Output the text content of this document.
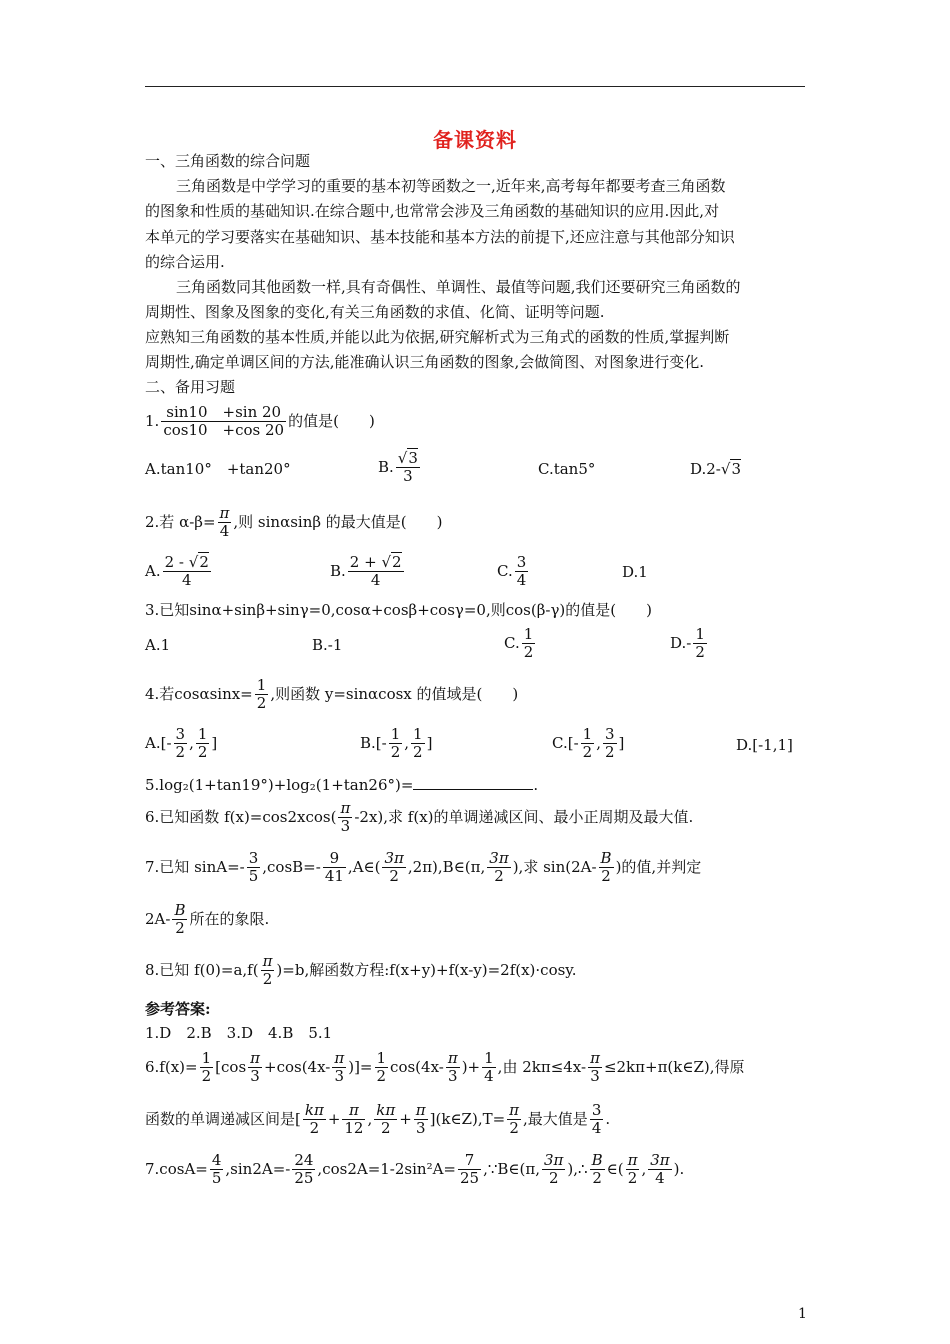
备课资料
一、三角函数的综合问题
三角函数是中学学习的重要的基本初等函数之一,近年来,高考每年都要考查三角函数
的图象和性质的基础知识.在综合题中,也常常会涉及三角函数的基础知识的应用.因此,对
本单元的学习要落实在基础知识、基本技能和基本方法的前提下,还应注意与其他部分知识
的综合运用.
三角函数同其他函数一样,具有奇偶性、单调性、最值等问题,我们还要研究三角函数的
周期性、图象及图象的变化,有关三角函数的求值、化简、证明等问题.
应熟知三角函数的基本性质,并能以此为依据,研究解析式为三角式的函数的性质,掌握判断
周期性,确定单调区间的方法,能准确认识三角函数的图象,会做简图、对图象进行变化.
二、备用习题
1. $\frac{\sin 10 +\sin 20}{\cos 10 +\cos 20}$ 的值是(　　)
A.tan10°　+tan20°	B. $\frac{√3}{3}$	C.tan5°	D.2-√3
2.若 $\alpha-\beta= \frac{\pi}{4}$ ,则 sinαsinβ 的最大值是(　　)
A. $\frac{2 - √2}{4}$	B. $\frac{2 + √2}{4}$	C. $\frac{3}{4}$	D.1
3.已知sinα+sinβ+sinγ=0,cosα+cosβ+cosγ=0,则cos(β-γ)的值是(　　)
A.1	B.-1	C. $\frac{1}{2}$	$D.- \frac{1}{2}$
4.若$\cos\alpha\sin x= \frac{1}{2}$ ,则函数 y=sinαcosx 的值域是(　　)
$A.[- \frac{3}{2}$ , $\frac{1}{2}$ ]	$B.[- \frac{1}{2}$ , $\frac{1}{2}$ ]	$C.[- \frac{1}{2}$ , $\frac{3}{2}$ ]	D.[-1,1]
5.log₂(1+tan19°)+log₂(1+tan26°)=	.
6.已知函数 $f(x)=\cos 2xcos( \frac{\pi}{3} -2x)$,求 f(x)的单调递减区间、最小正周期及最大值.
7.已知 $\sin A=- \frac{3}{5} ,\cos B=- \frac{9}{41}$ ,A∈( $\frac{3\pi}{2}$ ,2π),B∈(π, $\frac{3\pi}{2}$ ),求 $\sin(2A- \frac{B}{2}$ )的值,并判定
$2A- \frac{B}{2}$ 所在的象限.
8.已知 $f(0)=a,f( \frac{\pi}{2} )=b$,解函数方程:f(x+y)+f(x-y)=2f(x)·cosy.
参考答案:
1.D　2.B　3.D　4.B　5.1
$6.f(x)= \frac{1}{2} [\cos \frac{\pi}{3} +\cos(4x- \frac{\pi}{3}$ )]= $\frac{1}{2} \cos(4x- \frac{\pi}{3}$ )+ $\frac{1}{4}$ ,由 $2k\pi\le 4x- \frac{\pi}{3}$ ≤2kπ+π(k∈Z),得原
函数的单调递减区间是[ $\frac{k\pi}{2} + \frac{\pi}{12}$ , $\frac{k\pi}{2} + \frac{\pi}{3}$ ](k∈Z),T= $\frac{\pi}{2}$ ,最大值是 $\frac{3}{4}$ .
$7.\cos A= \frac{4}{5} ,\sin 2A=- \frac{24}{25} ,\cos 2A=1-2\sin^2A= \frac{7}{25}$ ,∵B∈(π, $\frac{3\pi}{2}$ ),∴ $\frac{B}{2}$ ∈( $\frac{\pi}{2}$ , $\frac{3\pi}{4}$ ).
1
